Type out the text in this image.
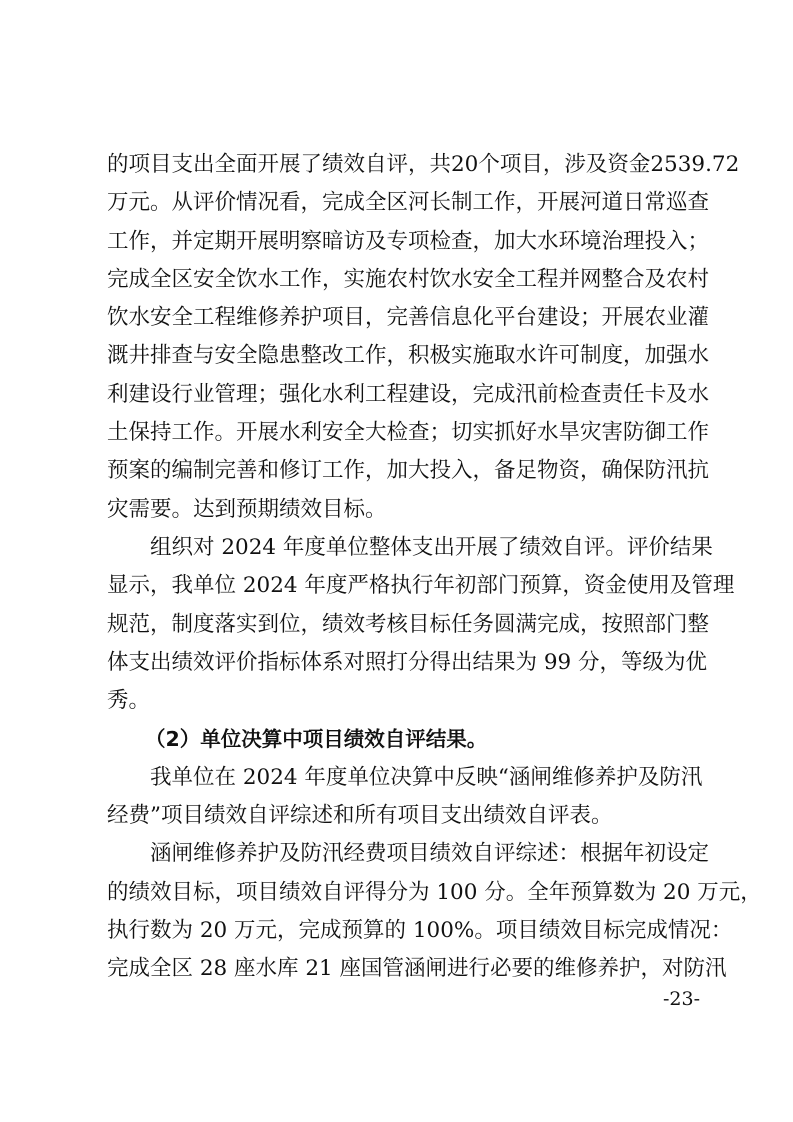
的项目支出全面开展了绩效自评，共20个项目，涉及资金2539.72
万元。从评价情况看，完成全区河长制工作，开展河道日常巡查
工作，并定期开展明察暗访及专项检查，加大水环境治理投入；
完成全区安全饮水工作，实施农村饮水安全工程并网整合及农村
饮水安全工程维修养护项目，完善信息化平台建设；开展农业灌
溉井排查与安全隐患整改工作，积极实施取水许可制度，加强水
利建设行业管理；强化水利工程建设，完成汛前检查责任卡及水
土保持工作。开展水利安全大检查；切实抓好水旱灾害防御工作
预案的编制完善和修订工作，加大投入，备足物资，确保防汛抗
灾需要。达到预期绩效目标。
组织对 2024 年度单位整体支出开展了绩效自评。评价结果
显示，我单位 2024 年度严格执行年初部门预算，资金使用及管理
规范，制度落实到位，绩效考核目标任务圆满完成，按照部门整
体支出绩效评价指标体系对照打分得出结果为 99 分，等级为优
秀。
（2）单位决算中项目绩效自评结果。
我单位在 2024 年度单位决算中反映“涵闸维修养护及防汛
经费”项目绩效自评综述和所有项目支出绩效自评表。
涵闸维修养护及防汛经费项目绩效自评综述：根据年初设定
的绩效目标，项目绩效自评得分为 100 分。全年预算数为 20 万元，
执行数为 20 万元，完成预算的 100%。项目绩效目标完成情况：
完成全区 28 座水库 21 座国管涵闸进行必要的维修养护，对防汛
-23-
